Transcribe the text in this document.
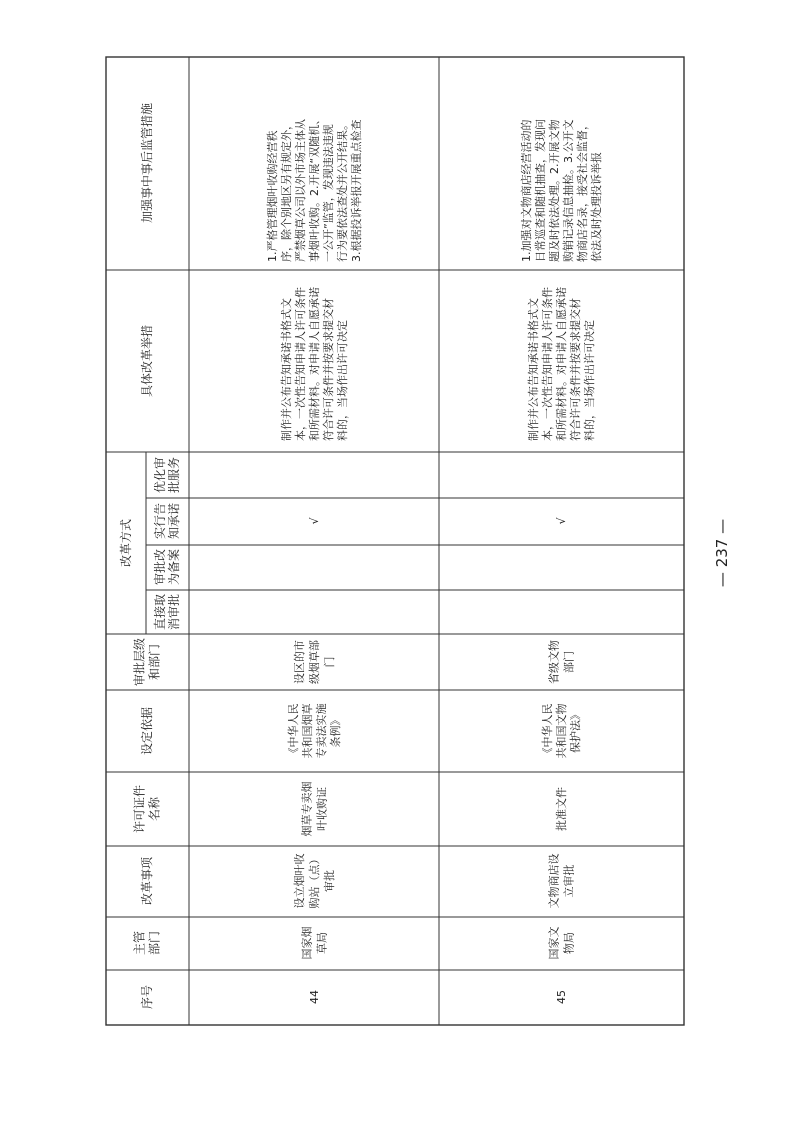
序号
主管部门
改革事项
许可证件名称
设定依据
审批层级和部门
改革方式
直接取消审批
审批改为备案
实行告知承诺
优化审批服务
具体改革举措
加强事中事后监管措施
44
国家烟 草局
设立烟叶收 购站（点） 审批
烟草专卖烟 叶收购证
《中华人民共和国烟草专卖法实施条例》
设区的市 级烟草部 门
√
制作并公布告知承诺书格式文本，一次性告知申请人许可条件和所需材料。对申请人自愿承诺符合许可条件并按要求提交材料的，当场作出许可决定
1.严格管理烟叶收购经营秩序，除个别地区另有规定外，严禁烟草公司以外市场主体从事烟叶收购。2.开展“双随机、一公开”监管，发现违法违规行为要依法查处并公开结果。3.根据投诉举报开展重点检查
45
国家文 物局
文物商店设 立审批
批准文件
《中华人民共和国文物保护法》
省级文物 部门
√
制作并公布告知承诺书格式文本，一次性告知申请人许可条件和所需材料。对申请人自愿承诺符合许可条件并按要求提交材料的，当场作出许可决定
1.加强对文物商店经营活动的日常巡查和随机抽查，发现问题及时依法处理。2.开展文物购销记录信息抽检。3.公开文物商店名录，接受社会监督，依法及时处理投诉举报
— 237 —
